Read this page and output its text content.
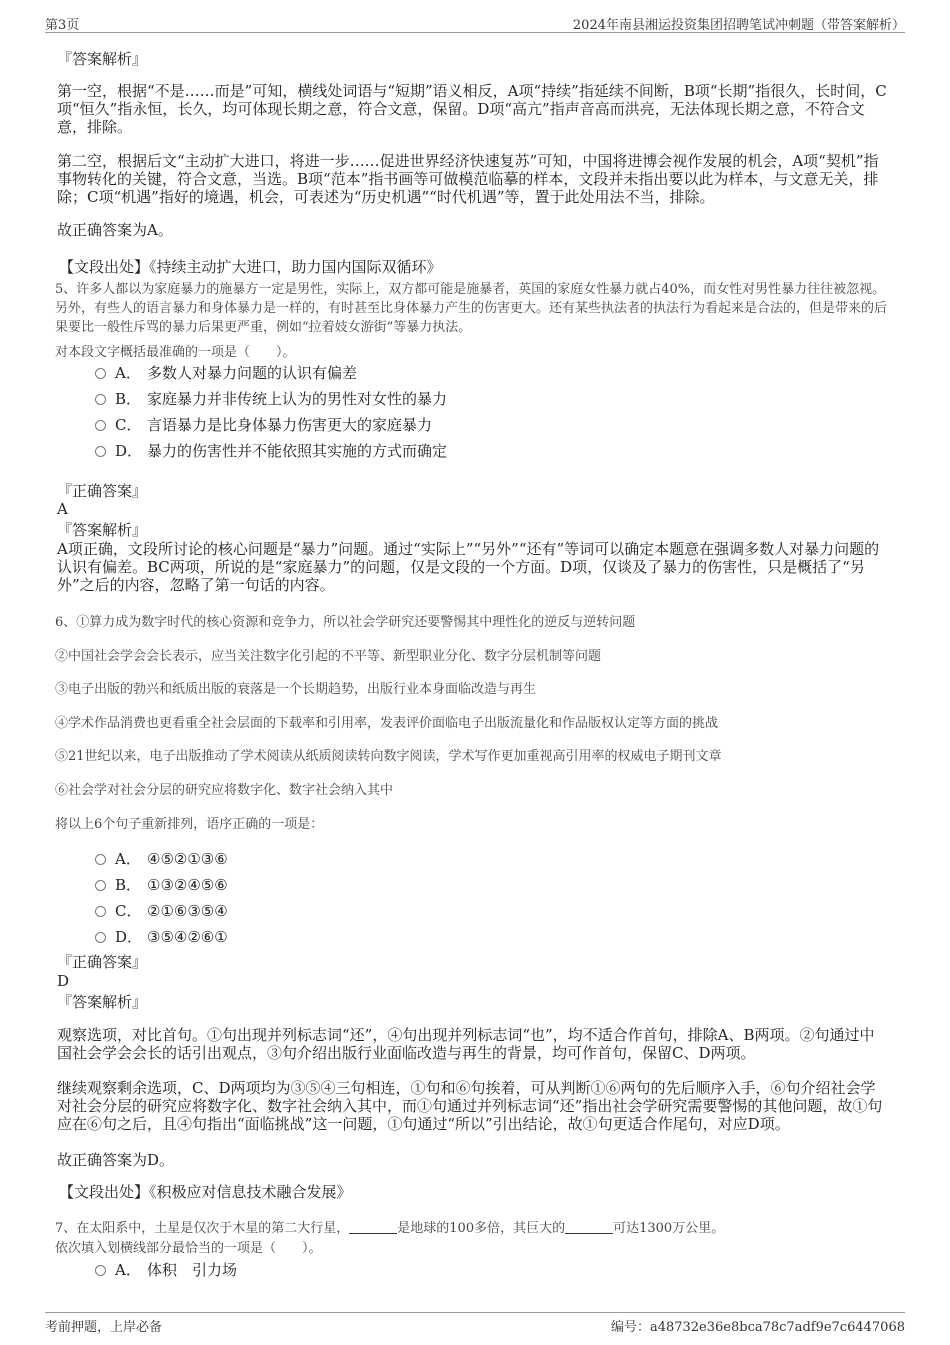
第3页	2024年南县湘运投资集团招聘笔试冲刺题（带答案解析）
『答案解析』
第一空，根据“不是……而是”可知，横线处词语与“短期”语义相反，A项“持续”指延续不间断，B项“长期”指很久，长时间，C项“恒久”指永恒，长久，均可体现长期之意，符合文意，保留。D项“高亢”指声音高而洪亮，无法体现长期之意，不符合文意，排除。
第二空，根据后文“主动扩大进口，将进一步……促进世界经济快速复苏”可知，中国将进博会视作发展的机会，A项“契机”指事物转化的关键，符合文意，当选。B项“范本”指书画等可做模范临摹的样本，文段并未指出要以此为样本，与文意无关，排除；C项“机遇”指好的境遇，机会，可表述为“历史机遇”“时代机遇”等，置于此处用法不当，排除。
故正确答案为A。
【文段出处】《持续主动扩大进口，助力国内国际双循环》
5、许多人都以为家庭暴力的施暴方一定是男性，实际上，双方都可能是施暴者，英国的家庭女性暴力就占40%，而女性对男性暴力往往被忽视。另外，有些人的语言暴力和身体暴力是一样的，有时甚至比身体暴力产生的伤害更大。还有某些执法者的执法行为看起来是合法的，但是带来的后果要比一般性斥骂的暴力后果更严重，例如“拉着妓女游街”等暴力执法。
对本段文字概括最准确的一项是（　　）。
A． 多数人对暴力问题的认识有偏差
B． 家庭暴力并非传统上认为的男性对女性的暴力
C． 言语暴力是比身体暴力伤害更大的家庭暴力
D． 暴力的伤害性并不能依照其实施的方式而确定
『正确答案』
A
『答案解析』
A项正确，文段所讨论的核心问题是“暴力”问题。通过“实际上”“另外”“还有”等词可以确定本题意在强调多数人对暴力问题的认识有偏差。BC两项，所说的是“家庭暴力”的问题，仅是文段的一个方面。D项，仅谈及了暴力的伤害性，只是概括了“另外”之后的内容，忽略了第一句话的内容。
6、①算力成为数字时代的核心资源和竞争力，所以社会学研究还要警惕其中理性化的逆反与逆转问题
②中国社会学会会长表示，应当关注数字化引起的不平等、新型职业分化、数字分层机制等问题
③电子出版的勃兴和纸质出版的衰落是一个长期趋势，出版行业本身面临改造与再生
④学术作品消费也更看重全社会层面的下载率和引用率，发表评价面临电子出版流量化和作品版权认定等方面的挑战
⑤21世纪以来，电子出版推动了学术阅读从纸质阅读转向数字阅读，学术写作更加重视高引用率的权威电子期刊文章
⑥社会学对社会分层的研究应将数字化、数字社会纳入其中
将以上6个句子重新排列，语序正确的一项是：
A． ④⑤②①③⑥
B． ①③②④⑤⑥
C． ②①⑥③⑤④
D． ③⑤④②⑥①
『正确答案』
D
『答案解析』
观察选项，对比首句。①句出现并列标志词“还”，④句出现并列标志词“也”，均不适合作首句，排除A、B两项。②句通过中国社会学会会长的话引出观点，③句介绍出版行业面临改造与再生的背景，均可作首句，保留C、D两项。
继续观察剩余选项，C、D两项均为③⑤④三句相连，①句和⑥句挨着，可从判断①⑥两句的先后顺序入手，⑥句介绍社会学对社会分层的研究应将数字化、数字社会纳入其中，而①句通过并列标志词“还”指出社会学研究需要警惕的其他问题，故①句应在⑥句之后，且④句指出“面临挑战”这一问题，①句通过“所以”引出结论，故①句更适合作尾句，对应D项。
故正确答案为D。
【文段出处】《积极应对信息技术融合发展》
7、在太阳系中，土星是仅次于木星的第二大行星，	是地球的100多倍，其巨大的	可达1300万公里。
依次填入划横线部分最恰当的一项是（　　）。
A． 体积　引力场
考前押题，上岸必备	编号：a48732e36e8bca78c7adf9e7c6447068
